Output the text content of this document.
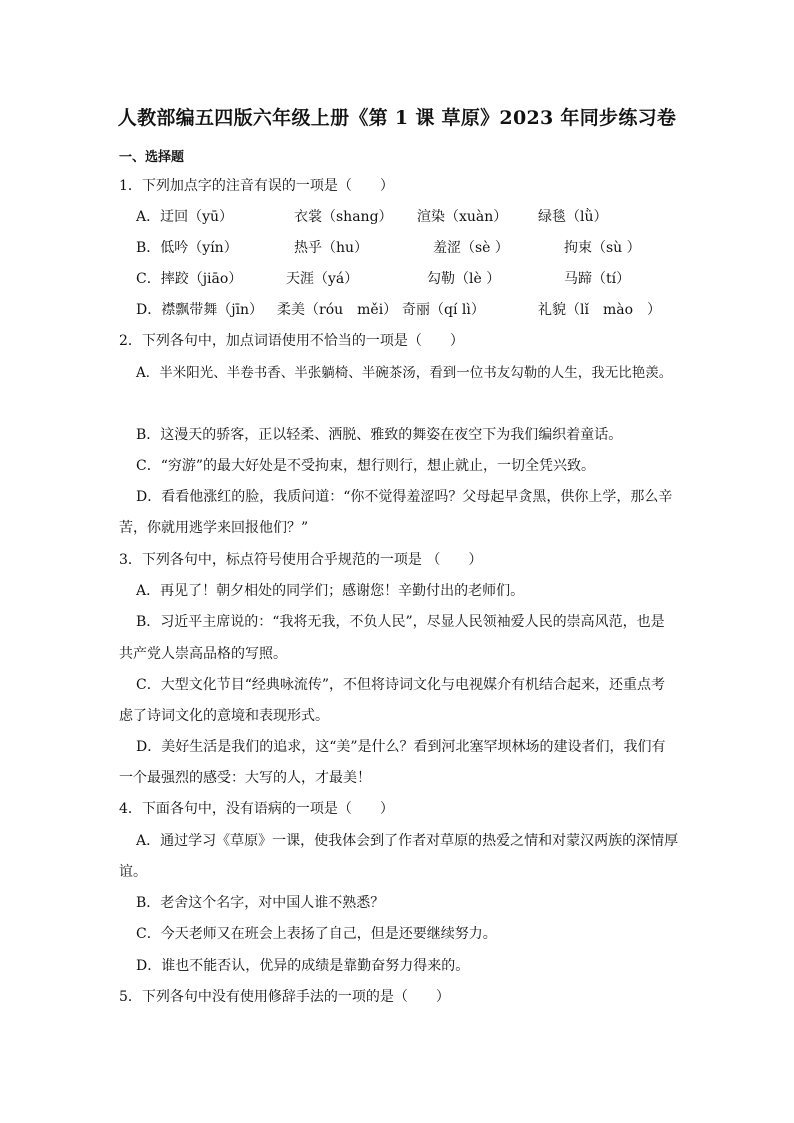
人教部编五四版六年级上册《第 1 课 草原》2023 年同步练习卷
一、选择题
1．下列加点字的注音有误的一项是（　　）
A．迂回（yū）	衣裳（shang） 渲染（xuàn） 绿毯（lǜ）
B．低吟（yín）	热乎（hu）	羞涩（sè ）	拘束（sù ）
C．摔跤（jiāo）	天涯（yá）	勾勒（lè ）	马蹄（tí）
D．襟飘带舞（jīn） 柔美（róu　měi） 奇丽（qí lì）	礼貌（lǐ　mào　）
2．下列各句中，加点词语使用不恰当的一项是（　　）
A．半米阳光、半卷书香、半张躺椅、半碗茶汤，看到一位书友勾勒的人生，我无比艳羡。
B．这漫天的骄客，正以轻柔、洒脱、雅致的舞姿在夜空下为我们编织着童话。
C．“穷游”的最大好处是不受拘束，想行则行，想止就止，一切全凭兴致。
D．看看他涨红的脸，我质问道：“你不觉得羞涩吗？父母起早贪黑，供你上学，那么辛
苦，你就用逃学来回报他们？”
3．下列各句中，标点符号使用合乎规范的一项是 （　　）
A．再见了！朝夕相处的同学们；感谢您！辛勤付出的老师们。
B．习近平主席说的：“我将无我，不负人民”，尽显人民领袖爱人民的崇高风范，也是
共产党人崇高品格的写照。
C．大型文化节目“经典咏流传”，不但将诗词文化与电视媒介有机结合起来，还重点考
虑了诗词文化的意境和表现形式。
D．美好生活是我们的追求，这“美”是什么？看到河北塞罕坝林场的建设者们，我们有
一个最强烈的感受：大写的人，才最美！
4．下面各句中，没有语病的一项是（　　）
A．通过学习《草原》一课，使我体会到了作者对草原的热爱之情和对蒙汉两族的深情厚
谊。
B．老舍这个名字，对中国人谁不熟悉？
C．今天老师又在班会上表扬了自己，但是还要继续努力。
D．谁也不能否认，优异的成绩是靠勤奋努力得来的。
5．下列各句中没有使用修辞手法的一项的是（　　）
